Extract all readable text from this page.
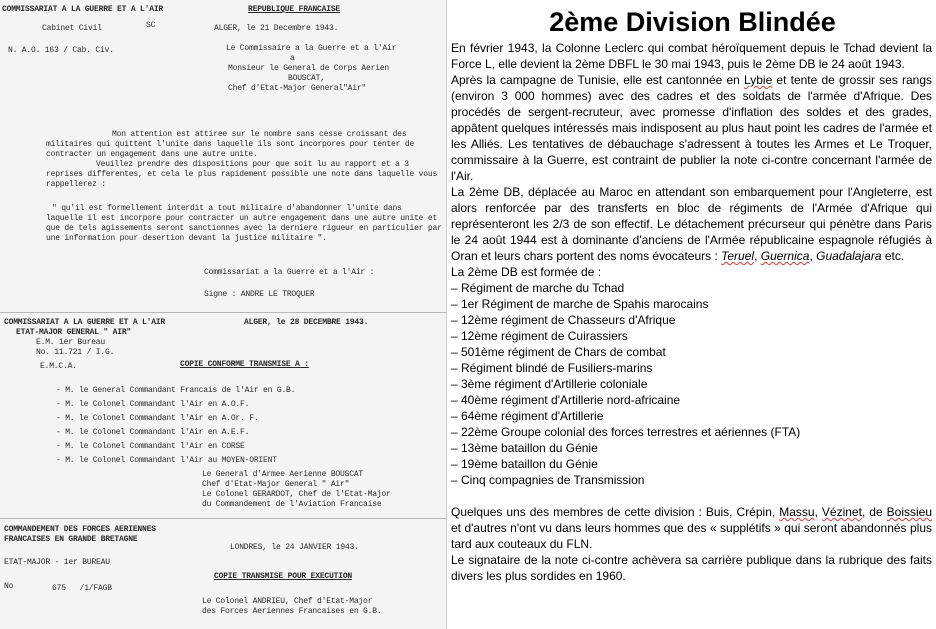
COMMISSARIAT A LA GUERRE ET A L'AIR	REPUBLIQUE FRANCAISE
Cabinet Civil	SC	ALGER, le 21 Decembre 1943.
N. A.O. 163 / Cab. Civ.	Le Commissaire a la Guerre et a l'Air
a
Monsieur le General de Corps Aerien
BOUSCAT,
Chef d'Etat-Major General"Air"
Mon attention est attiree sur le nombre sans cesse croissant des militaires qui quittent l'unite dans laquelle ils sont incorpores pour tenter de contracter un engagement dans une autre unite.
Veuillez prendre des dispositions pour que soit lu au rapport et a 3 reprises differentes, et cela le plus rapidement possible une note dans laquelle vous rappellerez :
" qu'il est formellement interdit a tout militaire d'abandonner l'unite dans laquelle il est incorpore pour contracter un autre engagement dans une autre unite et que de tels agissements seront sanctionnes avec la derniere rigueur en particulier par une information pour desertion devant la justice militaire ".
Commissariat a la Guerre et a l'Air :
Signe : ANDRE LE TROQUER
COMMISSARIAT A LA GUERRE ET A L'AIR	ALGER, le 28 DECEMBRE 1943.
ETAT-MAJOR GENERAL " AIR"
E.M. 1er Bureau
No. 11.721 / I.G.
COPIE CONFORME TRANSMISE A :
E.M.C.A.
- M. le General Commandant Francais de l'Air en G.B.
- M. le Colonel Commandant l'Air en A.O.F.
- M. le Colonel Commandant l'Air en A.Or. F.
- M. le Colonel Commandant l'Air en A.E.F.
- M. le Colonel Commandant l'Air en CORSE
- M. le Colonel Commandant l'Air au MOYEN-ORIENT
Le General d'Armee Aerienne BOUSCAT
Chef d'Etat-Major General " Air"
Le Colonel GERARDOT, Chef de l'Etat-Major
du Commandement de l'Aviation Francaise
COMMANDEMENT DES FORCES AERIENNES
FRANCAISES EN GRANDE BRETAGNE
LONDRES, le 24 JANVIER 1943.
ETAT-MAJOR - 1er BUREAU
COPIE TRANSMISE POUR EXECUTION
No	675   /1/FAGB
Le Colonel ANDRIEU, Chef d'Etat-Major
des Forces Aeriennes Francaises en G.B.
2ème Division Blindée

En février 1943, la Colonne Leclerc qui combat héroïquement depuis le Tchad devient la Force L, elle devient la 2ème DBFL le 30 mai 1943, puis le 2ème DB le 24 août 1943.

Après la campagne de Tunisie, elle est cantonnée en Lybie et tente de grossir ses rangs (environ 3 000 hommes) avec des cadres et des soldats de l'armée d'Afrique. Des procédés de sergent-recruteur, avec promesse d'inflation des soldes et des grades, appâtent quelques intéressés mais indisposent au plus haut point les cadres de l'armée et les Alliés. Les tentatives de débauchage s'adressent à toutes les Armes et Le Troquer, commissaire à la Guerre, est contraint de publier la note ci-contre concernant l'armée de l'Air.

La 2ème DB, déplacée au Maroc en attendant son embarquement pour l'Angleterre, est alors renforcée par des transferts en bloc de régiments de l'Armée d'Afrique qui représenteront les 2/3 de son effectif. Le détachement précurseur qui pénètre dans Paris le 24 août 1944 est à dominante d'anciens de l'Armée républicaine espagnole réfugiés à Oran et leurs chars portent des noms évocateurs : Teruel, Guernica, Guadalajara etc.

La 2ème DB est formée de :

– Régiment de marche du Tchad
– 1er Régiment de marche de Spahis marocains
– 12ème régiment de Chasseurs d'Afrique
– 12ème régiment de Cuirassiers
– 501ème régiment de Chars de combat
– Régiment blindé de Fusiliers-marins
– 3ème régiment d'Artillerie coloniale
– 40ème régiment d'Artillerie nord-africaine
– 64ème régiment d'Artillerie
– 22ème Groupe colonial des forces terrestres et aériennes (FTA)
– 13ème bataillon du Génie
– 19ème bataillon du Génie
– Cinq compagnies de Transmission

Quelques uns des membres de cette division : Buis, Crépin, Massu, Vézinet, de Boissieu et d'autres n'ont vu dans leurs hommes que des « supplétifs » qui seront abandonnés plus tard aux couteaux du FLN.

Le signataire de la note ci-contre achèvera sa carrière publique dans la rubrique des faits divers les plus sordides en 1960.
